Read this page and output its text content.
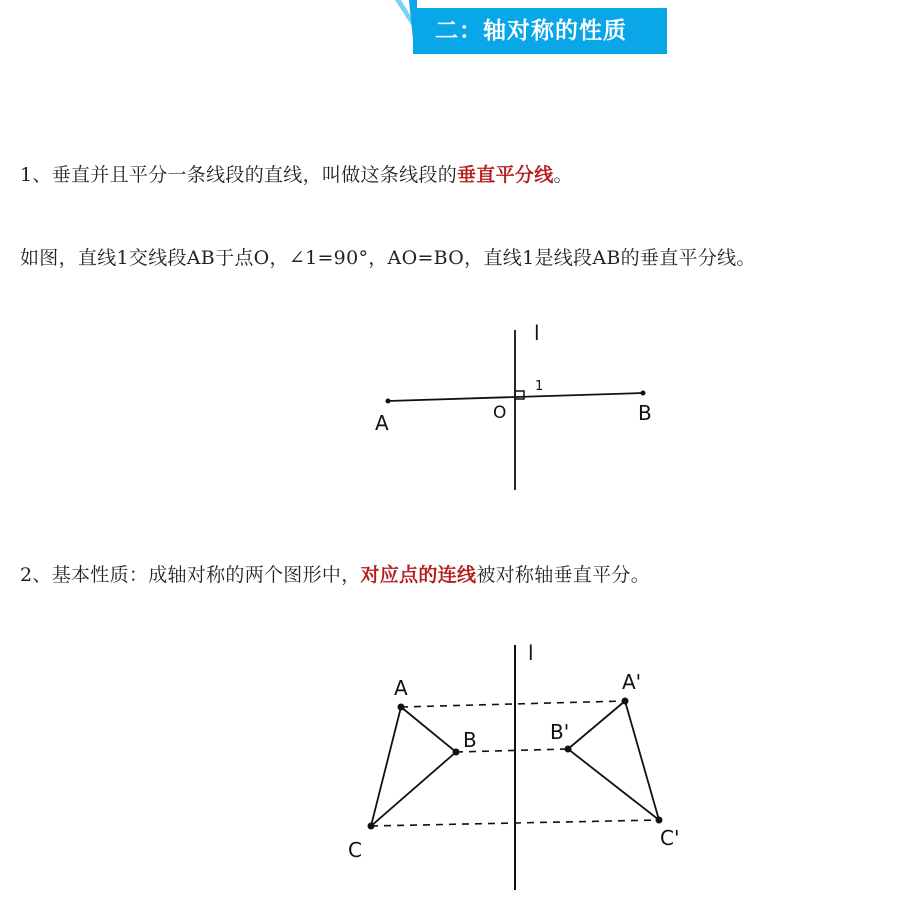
二：轴对称的性质
1、垂直并且平分一条线段的直线，叫做这条线段的垂直平分线。
如图，直线1交线段AB于点O，∠1=90°，AO=BO，直线1是线段AB的垂直平分线。
l
1
A	O	B
2、基本性质：成轴对称的两个图形中，对应点的连线被对称轴垂直平分。
l
A
B
C
A'
B'
C'
